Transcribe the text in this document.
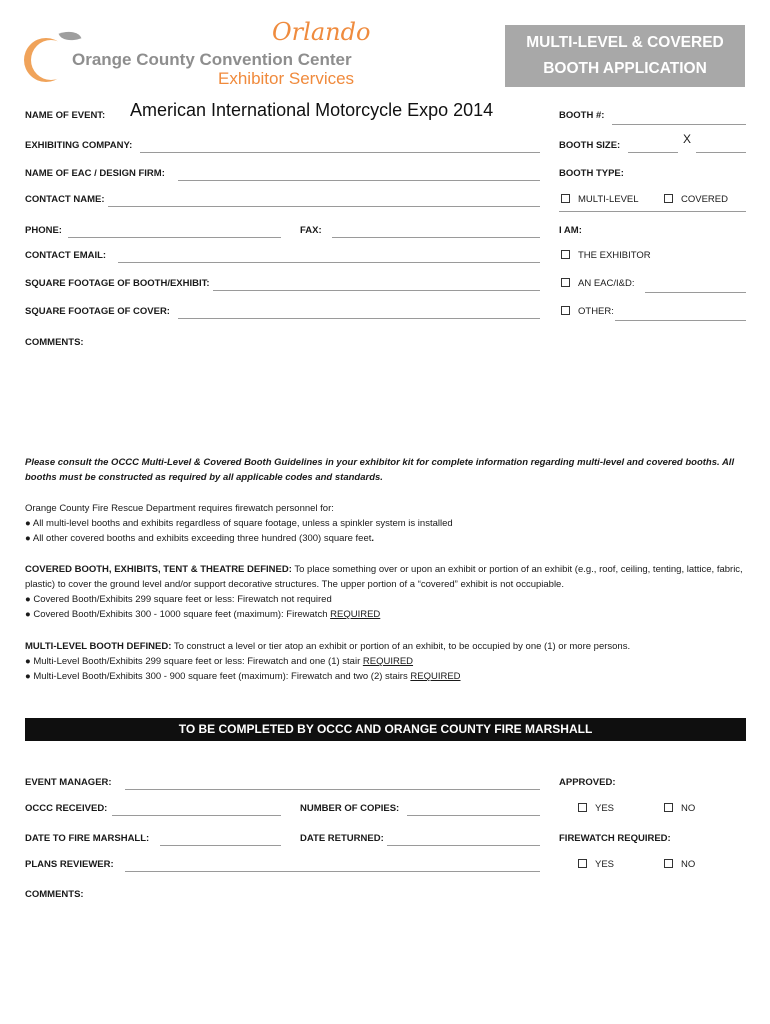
Orlando
Orange County Convention Center
Exhibitor Services
MULTI-LEVEL & COVERED
BOOTH APPLICATION
NAME OF EVENT: American International Motorcycle Expo 2014
EXHIBITING COMPANY:
NAME OF EAC / DESIGN FIRM:
CONTACT NAME:
PHONE:	FAX:
CONTACT EMAIL:
SQUARE FOOTAGE OF BOOTH/EXHIBIT:
SQUARE FOOTAGE OF COVER:
COMMENTS:
BOOTH #:
BOOTH SIZE:	X
BOOTH TYPE:
MULTI-LEVEL	COVERED
I AM:
THE EXHIBITOR
AN EAC/I&D:
OTHER:
Please consult the OCCC Multi-Level & Covered Booth Guidelines in your exhibitor kit for complete information regarding multi-level and covered booths. All booths must be constructed as required by all applicable codes and standards.
Orange County Fire Rescue Department requires firewatch personnel for:
● All multi-level booths and exhibits regardless of square footage, unless a spinkler system is installed
● All other covered booths and exhibits exceeding three hundred (300) square feet.
COVERED BOOTH, EXHIBITS, TENT & THEATRE DEFINED: To place something over or upon an exhibit or portion of an exhibit (e.g., roof, ceiling, tenting, lattice, fabric, plastic) to cover the ground level and/or support decorative structures. The upper portion of a “covered” exhibit is not occupiable.
● Covered Booth/Exhibits 299 square feet or less: Firewatch not required
● Covered Booth/Exhibits 300 - 1000 square feet (maximum): Firewatch REQUIRED
MULTI-LEVEL BOOTH DEFINED: To construct a level or tier atop an exhibit or portion of an exhibit, to be occupied by one (1) or more persons.
● Multi-Level Booth/Exhibits 299 square feet or less: Firewatch and one (1) stair REQUIRED
● Multi-Level Booth/Exhibits 300 - 900 square feet (maximum): Firewatch and two (2) stairs REQUIRED
TO BE COMPLETED BY OCCC AND ORANGE COUNTY FIRE MARSHALL
EVENT MANAGER:
OCCC RECEIVED:	NUMBER OF COPIES:
DATE TO FIRE MARSHALL:	DATE RETURNED:
PLANS REVIEWER:
COMMENTS:
APPROVED:
YES	NO
FIREWATCH REQUIRED:
YES	NO
